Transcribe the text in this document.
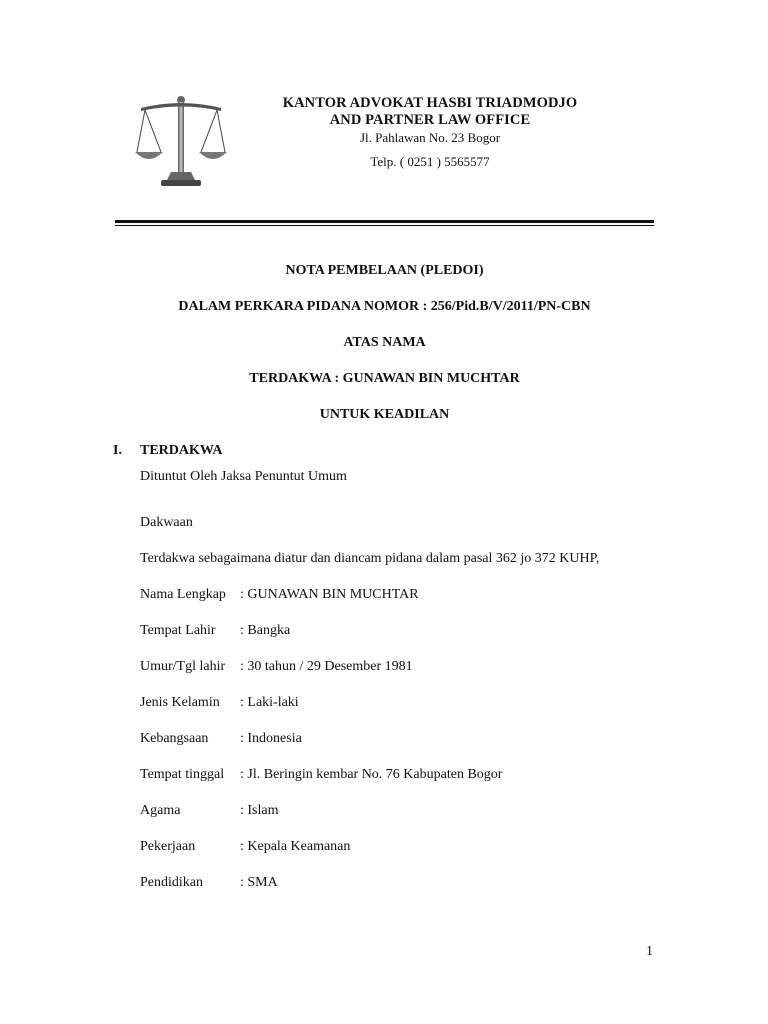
KANTOR ADVOKAT HASBI TRIADMODJO
AND PARTNER LAW OFFICE
Jl. Pahlawan No. 23 Bogor
Telp. ( 0251 ) 5565577
NOTA PEMBELAAN (PLEDOI)
DALAM PERKARA PIDANA NOMOR : 256/Pid.B/V/2011/PN-CBN
ATAS NAMA
TERDAKWA : GUNAWAN BIN MUCHTAR
UNTUK KEADILAN
I. TERDAKWA
Dituntut Oleh Jaksa Penuntut Umum
Dakwaan
Terdakwa sebagaimana diatur dan diancam pidana dalam pasal 362 jo 372 KUHP,
Nama Lengkap : GUNAWAN BIN MUCHTAR
Tempat Lahir : Bangka
Umur/Tgl lahir : 30 tahun / 29 Desember 1981
Jenis Kelamin : Laki-laki
Kebangsaan : Indonesia
Tempat tinggal : Jl. Beringin kembar No. 76 Kabupaten Bogor
Agama	: Islam
Pekerjaan	: Kepala Keamanan
Pendidikan	: SMA
1
